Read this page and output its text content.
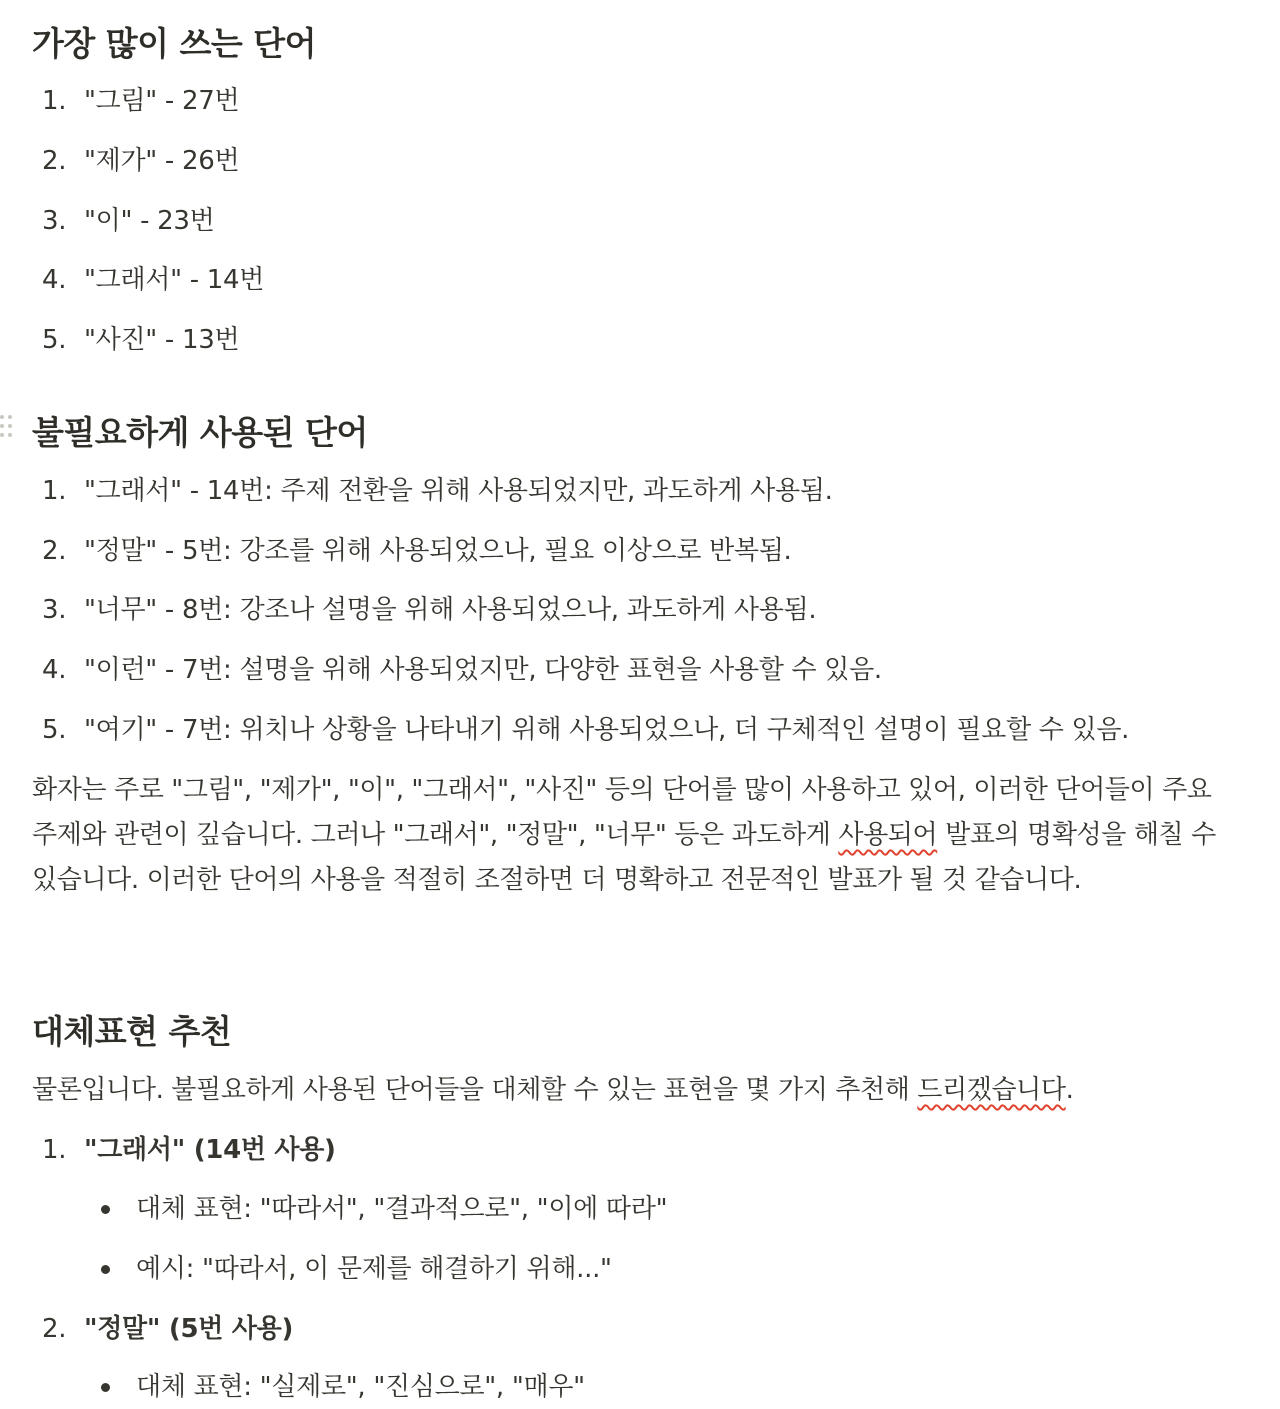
가장 많이 쓰는 단어
1. "그림" - 27번
2. "제가" - 26번
3. "이" - 23번
4. "그래서" - 14번
5. "사진" - 13번
불필요하게 사용된 단어
1. "그래서" - 14번: 주제 전환을 위해 사용되었지만, 과도하게 사용됨.
2. "정말" - 5번: 강조를 위해 사용되었으나, 필요 이상으로 반복됨.
3. "너무" - 8번: 강조나 설명을 위해 사용되었으나, 과도하게 사용됨.
4. "이런" - 7번: 설명을 위해 사용되었지만, 다양한 표현을 사용할 수 있음.
5. "여기" - 7번: 위치나 상황을 나타내기 위해 사용되었으나, 더 구체적인 설명이 필요할 수 있음.
화자는 주로 "그림", "제가", "이", "그래서", "사진" 등의 단어를 많이 사용하고 있어, 이러한 단어들이 주요
주제와 관련이 깊습니다. 그러나 "그래서", "정말", "너무" 등은 과도하게 사용되어 발표의 명확성을 해칠 수
있습니다. 이러한 단어의 사용을 적절히 조절하면 더 명확하고 전문적인 발표가 될 것 같습니다.
대체표현 추천
물론입니다. 불필요하게 사용된 단어들을 대체할 수 있는 표현을 몇 가지 추천해 드리겠습니다.
1. "그래서" (14번 사용)
대체 표현: "따라서", "결과적으로", "이에 따라"
예시: "따라서, 이 문제를 해결하기 위해..."
2. "정말" (5번 사용)
대체 표현: "실제로", "진심으로", "매우"
